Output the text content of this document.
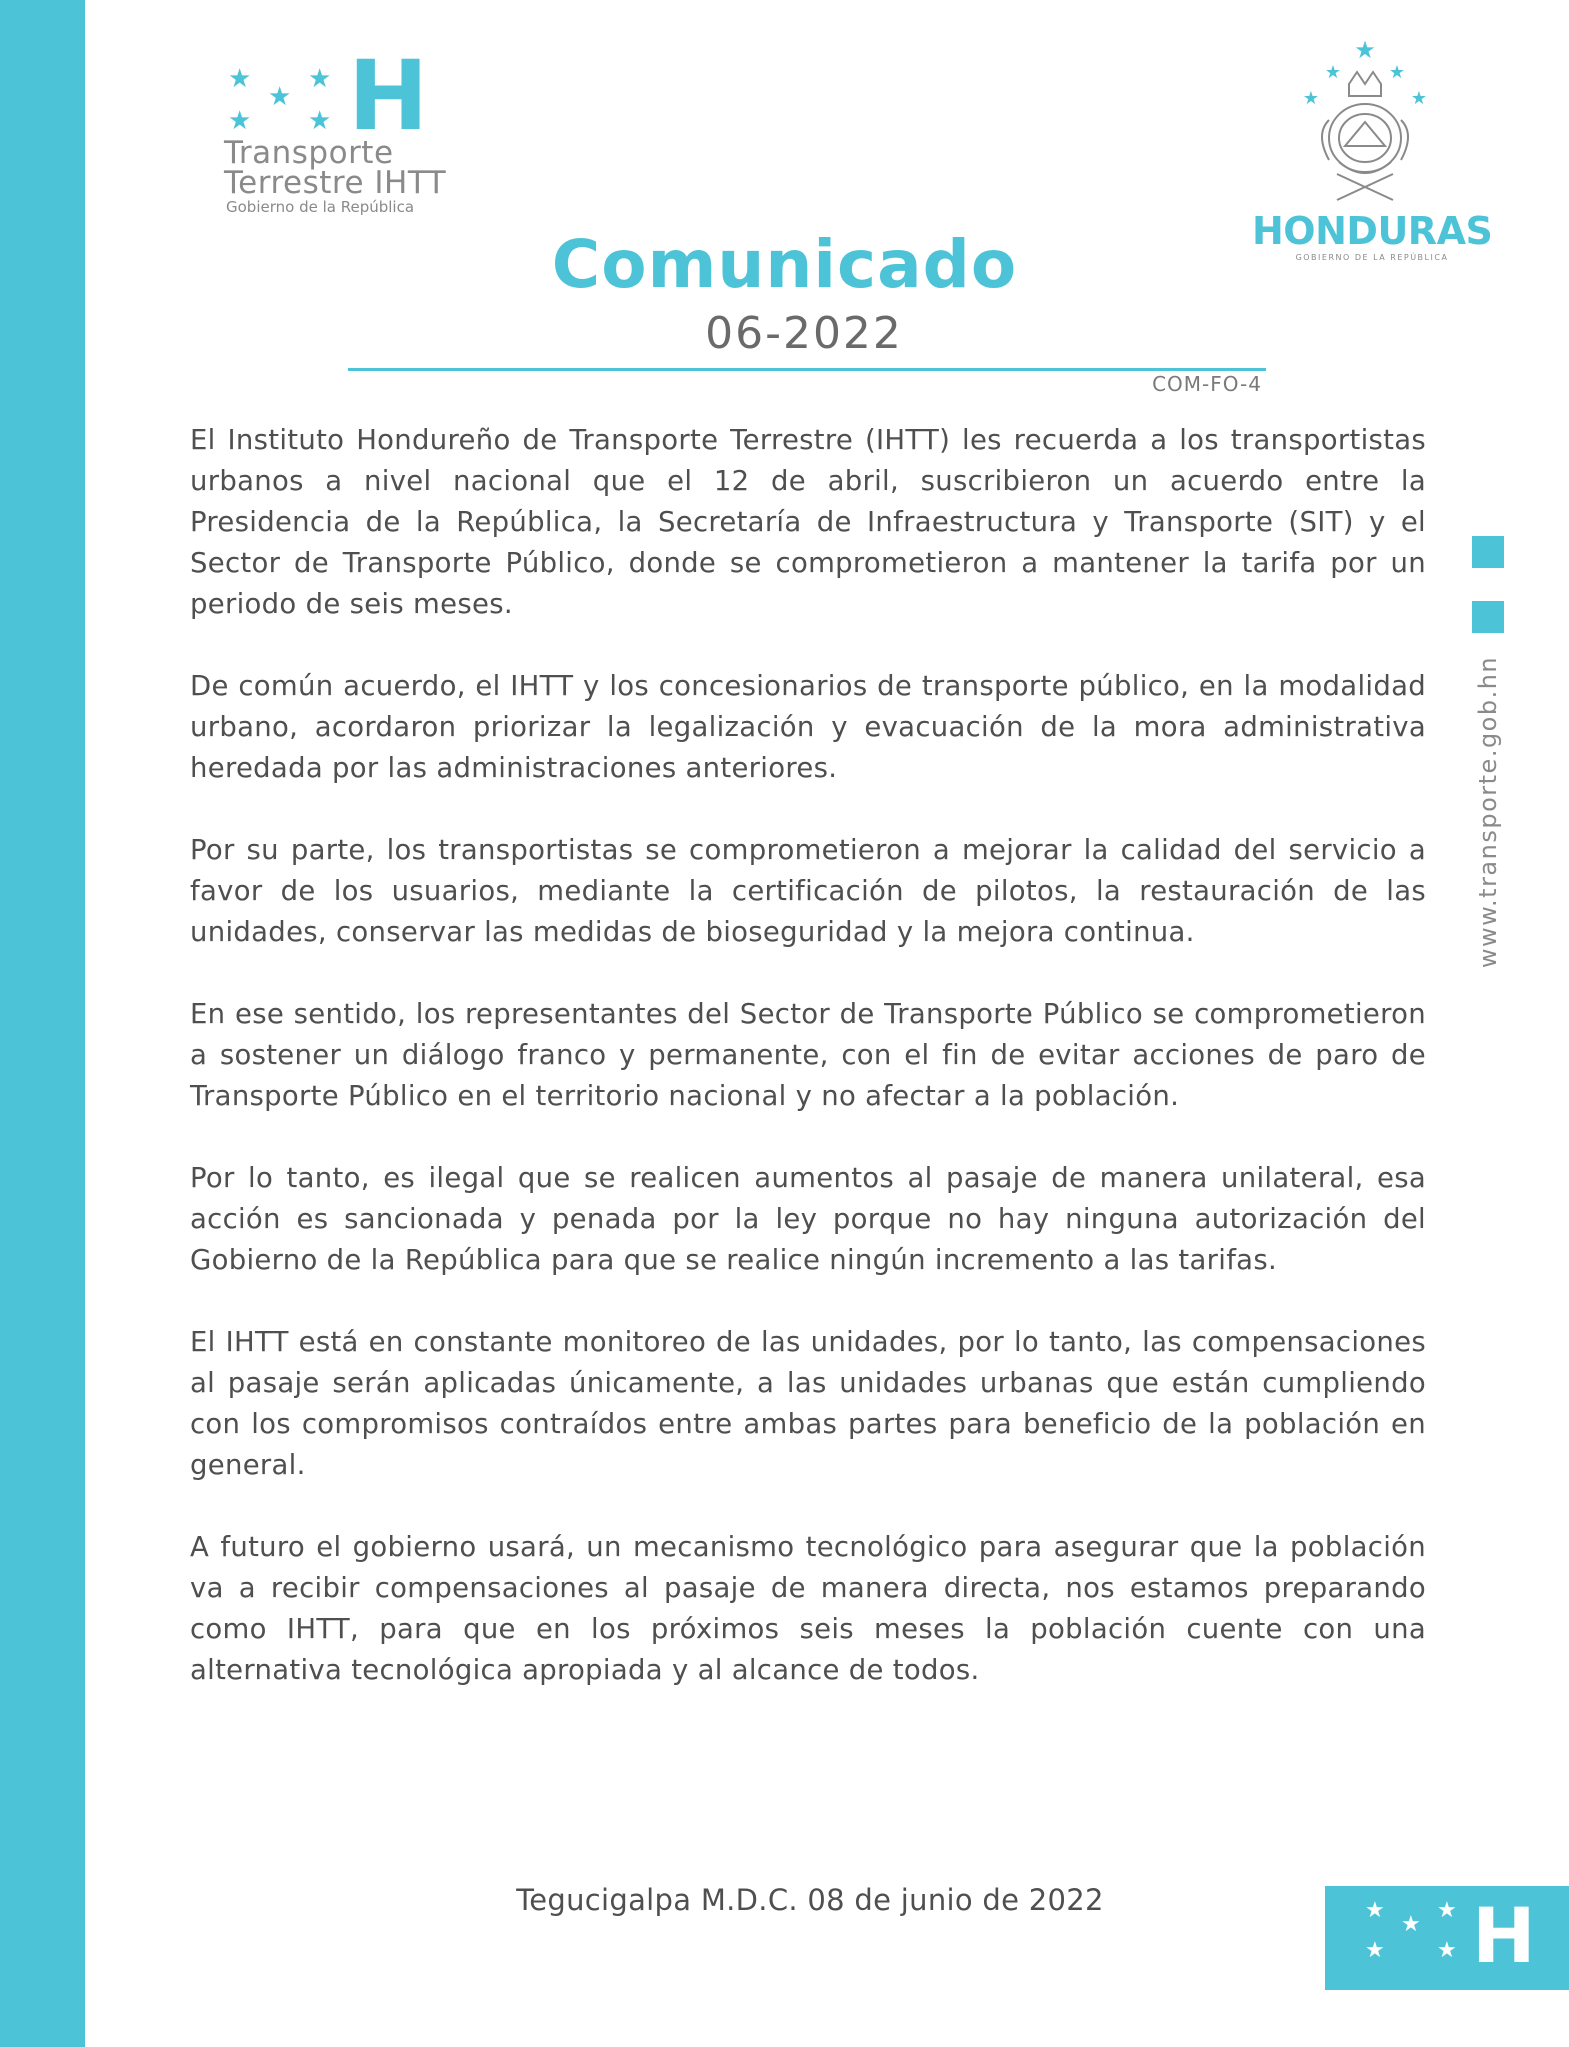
★
★
★
★ ★ H
Transporte
Terrestre IHTT
Gobierno de la República
★
★	★
★	★
HONDURAS
GOBIERNO DE LA REPÚBLICA
Comunicado
06-2022
COM-FO-4

El Instituto Hondureño de Transporte Terrestre (IHTT) les recuerda a los transportistas urbanos a nivel nacional que el 12 de abril, suscribieron un acuerdo entre la Presidencia de la República, la Secretaría de Infraestructura y Transporte (SIT) y el Sector de Transporte Público, donde se comprometieron a mantener la tarifa por un periodo de seis meses.

De común acuerdo, el IHTT y los concesionarios de transporte público, en la modalidad urbano, acordaron priorizar la legalización y evacuación de la mora administrativa heredada por las administraciones anteriores.

Por su parte, los transportistas se comprometieron a mejorar la calidad del servicio a favor de los usuarios, mediante la certificación de pilotos, la restauración de las unidades, conservar las medidas de bioseguridad y la mejora continua.

En ese sentido, los representantes del Sector de Transporte Público se comprometieron a sostener un diálogo franco y permanente, con el fin de evitar acciones de paro de Transporte Público en el territorio nacional y no afectar a la población.

Por lo tanto, es ilegal que se realicen aumentos al pasaje de manera unilateral, esa acción es sancionada y penada por la ley porque no hay ninguna autorización del Gobierno de la República para que se realice ningún incremento a las tarifas.

El IHTT está en constante monitoreo de las unidades, por lo tanto, las compensaciones al pasaje serán aplicadas únicamente, a las unidades urbanas que están cumpliendo con los compromisos contraídos entre ambas partes para beneficio de la población en general.

A futuro el gobierno usará, un mecanismo tecnológico para asegurar que la población va a recibir compensaciones al pasaje de manera directa, nos estamos preparando como IHTT, para que en los próximos seis meses la población cuente con una alternativa tecnológica apropiada y al alcance de todos.

Tegucigalpa M.D.C. 08 de junio de 2022
www.transporte.gob.hn
★
★
★
★ ★ H
